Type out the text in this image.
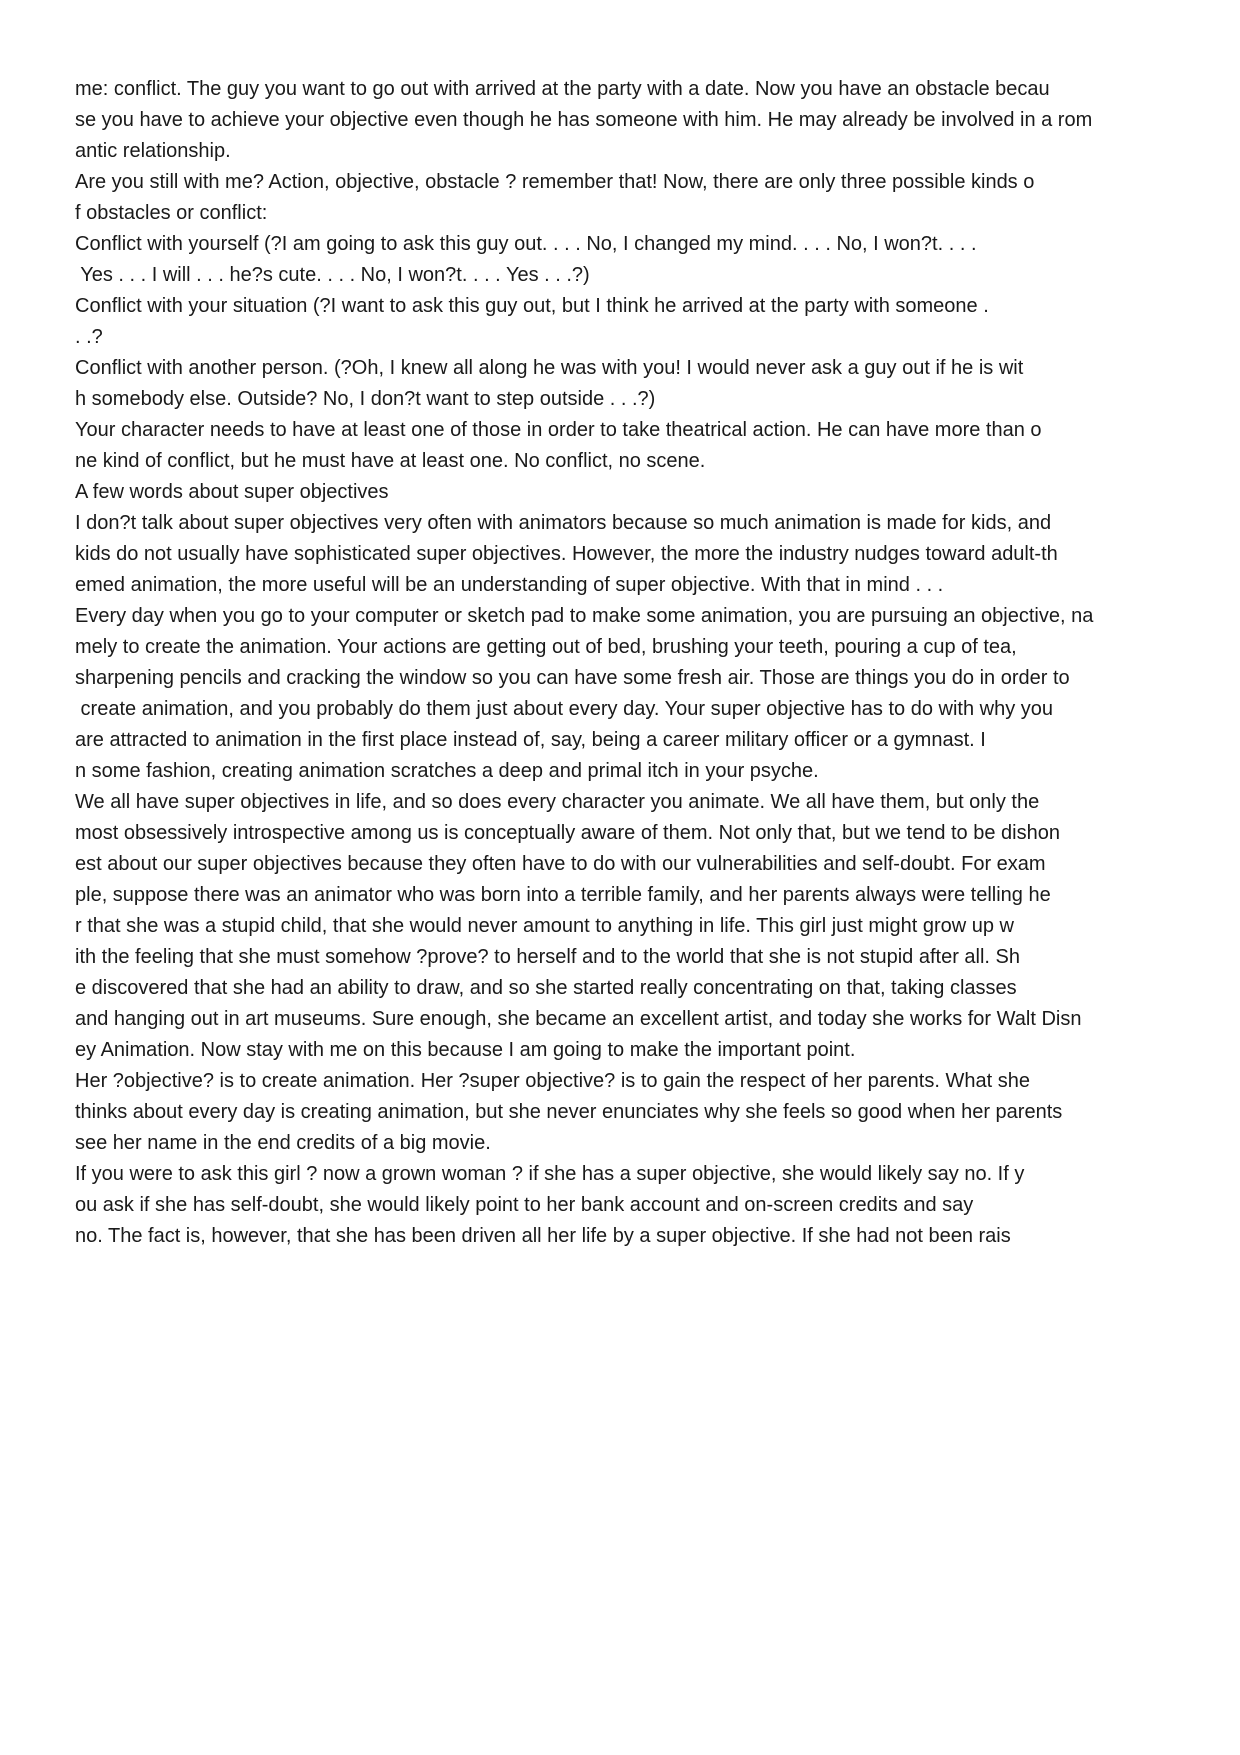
me: conflict. The guy you want to go out with arrived at the party with a date. Now you have an obstacle becau
se you have to achieve your objective even though he has someone with him. He may already be involved in a rom
antic relationship.
Are you still with me? Action, objective, obstacle ? remember that! Now, there are only three possible kinds o
f obstacles or conflict:
Conflict with yourself (?I am going to ask this guy out. . . . No, I changed my mind. . . . No, I won?t. . . .
Yes . . . I will . . . he?s cute. . . . No, I won?t. . . . Yes . . .?)
Conflict with your situation (?I want to ask this guy out, but I think he arrived at the party with someone .
. .?
Conflict with another person. (?Oh, I knew all along he was with you! I would never ask a guy out if he is wit
h somebody else. Outside? No, I don?t want to step outside . . .?)
Your character needs to have at least one of those in order to take theatrical action. He can have more than o
ne kind of conflict, but he must have at least one. No conflict, no scene.
A few words about super objectives
I don?t talk about super objectives very often with animators because so much animation is made for kids, and
kids do not usually have sophisticated super objectives. However, the more the industry nudges toward adult-th
emed animation, the more useful will be an understanding of super objective. With that in mind . . .
Every day when you go to your computer or sketch pad to make some animation, you are pursuing an objective, na
mely to create the animation. Your actions are getting out of bed, brushing your teeth, pouring a cup of tea,
sharpening pencils and cracking the window so you can have some fresh air. Those are things you do in order to
create animation, and you probably do them just about every day. Your super objective has to do with why you
are attracted to animation in the first place instead of, say, being a career military officer or a gymnast. I
n some fashion, creating animation scratches a deep and primal itch in your psyche.
We all have super objectives in life, and so does every character you animate. We all have them, but only the
most obsessively introspective among us is conceptually aware of them. Not only that, but we tend to be dishon
est about our super objectives because they often have to do with our vulnerabilities and self-doubt. For exam
ple, suppose there was an animator who was born into a terrible family, and her parents always were telling he
r that she was a stupid child, that she would never amount to anything in life. This girl just might grow up w
ith the feeling that she must somehow ?prove? to herself and to the world that she is not stupid after all. Sh
e discovered that she had an ability to draw, and so she started really concentrating on that, taking classes
and hanging out in art museums. Sure enough, she became an excellent artist, and today she works for Walt Disn
ey Animation. Now stay with me on this because I am going to make the important point.
Her ?objective? is to create animation. Her ?super objective? is to gain the respect of her parents. What she
thinks about every day is creating animation, but she never enunciates why she feels so good when her parents
see her name in the end credits of a big movie.
If you were to ask this girl ? now a grown woman ? if she has a super objective, she would likely say no. If y
ou ask if she has self-doubt, she would likely point to her bank account and on-screen credits and say
no. The fact is, however, that she has been driven all her life by a super objective. If she had not been rais
